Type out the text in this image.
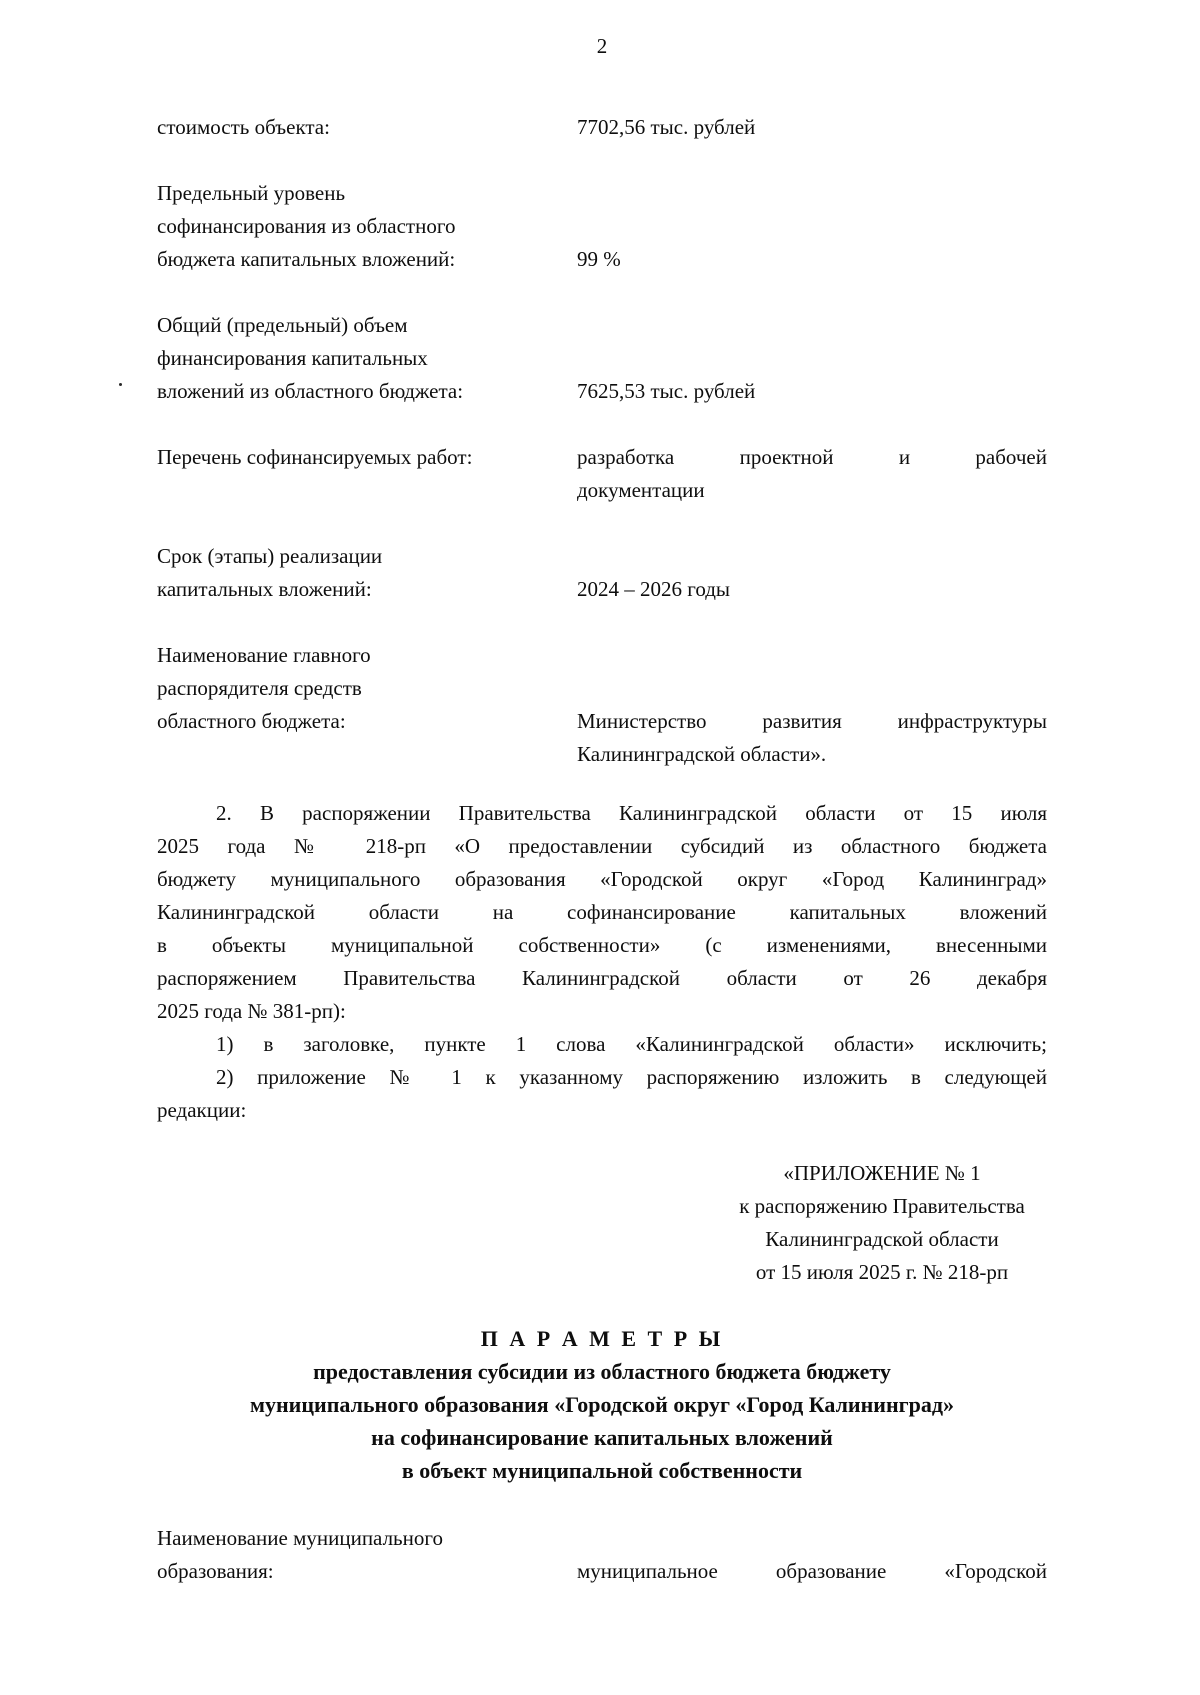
2
стоимость объекта:	7702,56 тыс. рублей
Предельный уровень
софинансирования из областного
бюджета капитальных вложений:	99 %
Общий (предельный) объем
финансирования капитальных
вложений из областного бюджета:	7625,53 тыс. рублей
Перечень софинансируемых работ:	разработка проектной и рабочей
документации
Срок (этапы) реализации
капитальных вложений:	2024 – 2026 годы
Наименование главного
распорядителя средств
областного бюджета:	Министерство развития инфраструктуры
Калининградской области».
2. В распоряжении Правительства Калининградской области от 15 июля
2025 года № 218-рп «О предоставлении субсидий из областного бюджета
бюджету муниципального образования «Городской округ «Город Калининград»
Калининградской области на софинансирование капитальных вложений
в объекты муниципальной собственности» (с изменениями, внесенными
распоряжением Правительства Калининградской области от 26 декабря
2025 года № 381-рп):
1) в заголовке, пункте 1 слова «Калининградской области» исключить;
2) приложение № 1 к указанному распоряжению изложить в следующей
редакции:
«ПРИЛОЖЕНИЕ № 1
к распоряжению Правительства
Калининградской области
от 15 июля 2025 г. № 218-рп
П А Р А М Е Т Р Ы
предоставления субсидии из областного бюджета бюджету
муниципального образования «Городской округ «Город Калининград»
на софинансирование капитальных вложений
в объект муниципальной собственности
Наименование муниципального
образования:	муниципальное образование «Городской
